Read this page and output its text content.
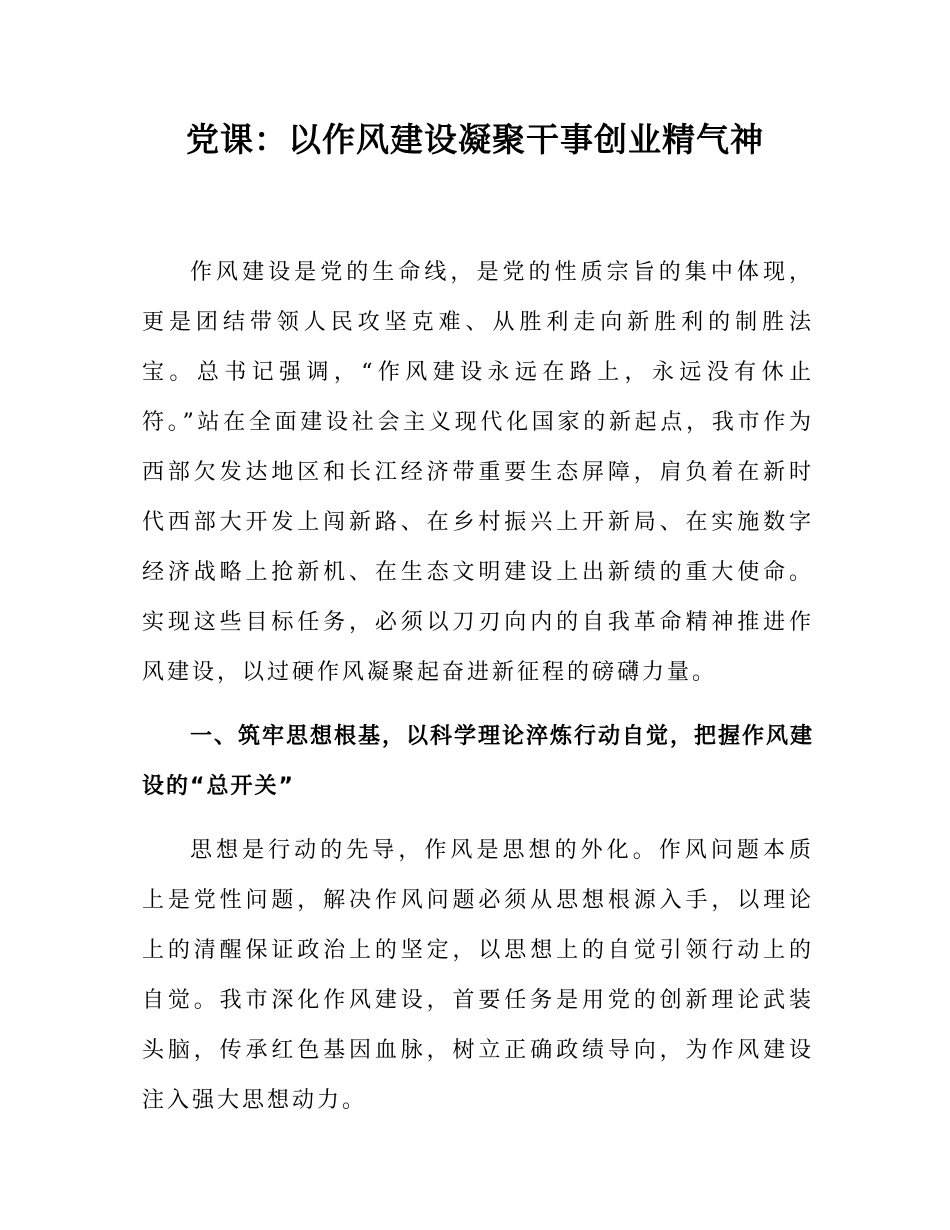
党课：以作风建设凝聚干事创业精气神

作风建设是党的生命线，是党的性质宗旨的集中体现，更是团结带领人民攻坚克难、从胜利走向新胜利的制胜法宝。总书记强调，“作风建设永远在路上，永远没有休止符。”站在全面建设社会主义现代化国家的新起点，我市作为西部欠发达地区和长江经济带重要生态屏障，肩负着在新时代西部大开发上闯新路、在乡村振兴上开新局、在实施数字经济战略上抢新机、在生态文明建设上出新绩的重大使命。实现这些目标任务，必须以刀刃向内的自我革命精神推进作风建设，以过硬作风凝聚起奋进新征程的磅礴力量。

一、筑牢思想根基，以科学理论淬炼行动自觉，把握作风建设的“总开关”

思想是行动的先导，作风是思想的外化。作风问题本质上是党性问题，解决作风问题必须从思想根源入手，以理论上的清醒保证政治上的坚定，以思想上的自觉引领行动上的自觉。我市深化作风建设，首要任务是用党的创新理论武装头脑，传承红色基因血脉，树立正确政绩导向，为作风建设注入强大思想动力。
